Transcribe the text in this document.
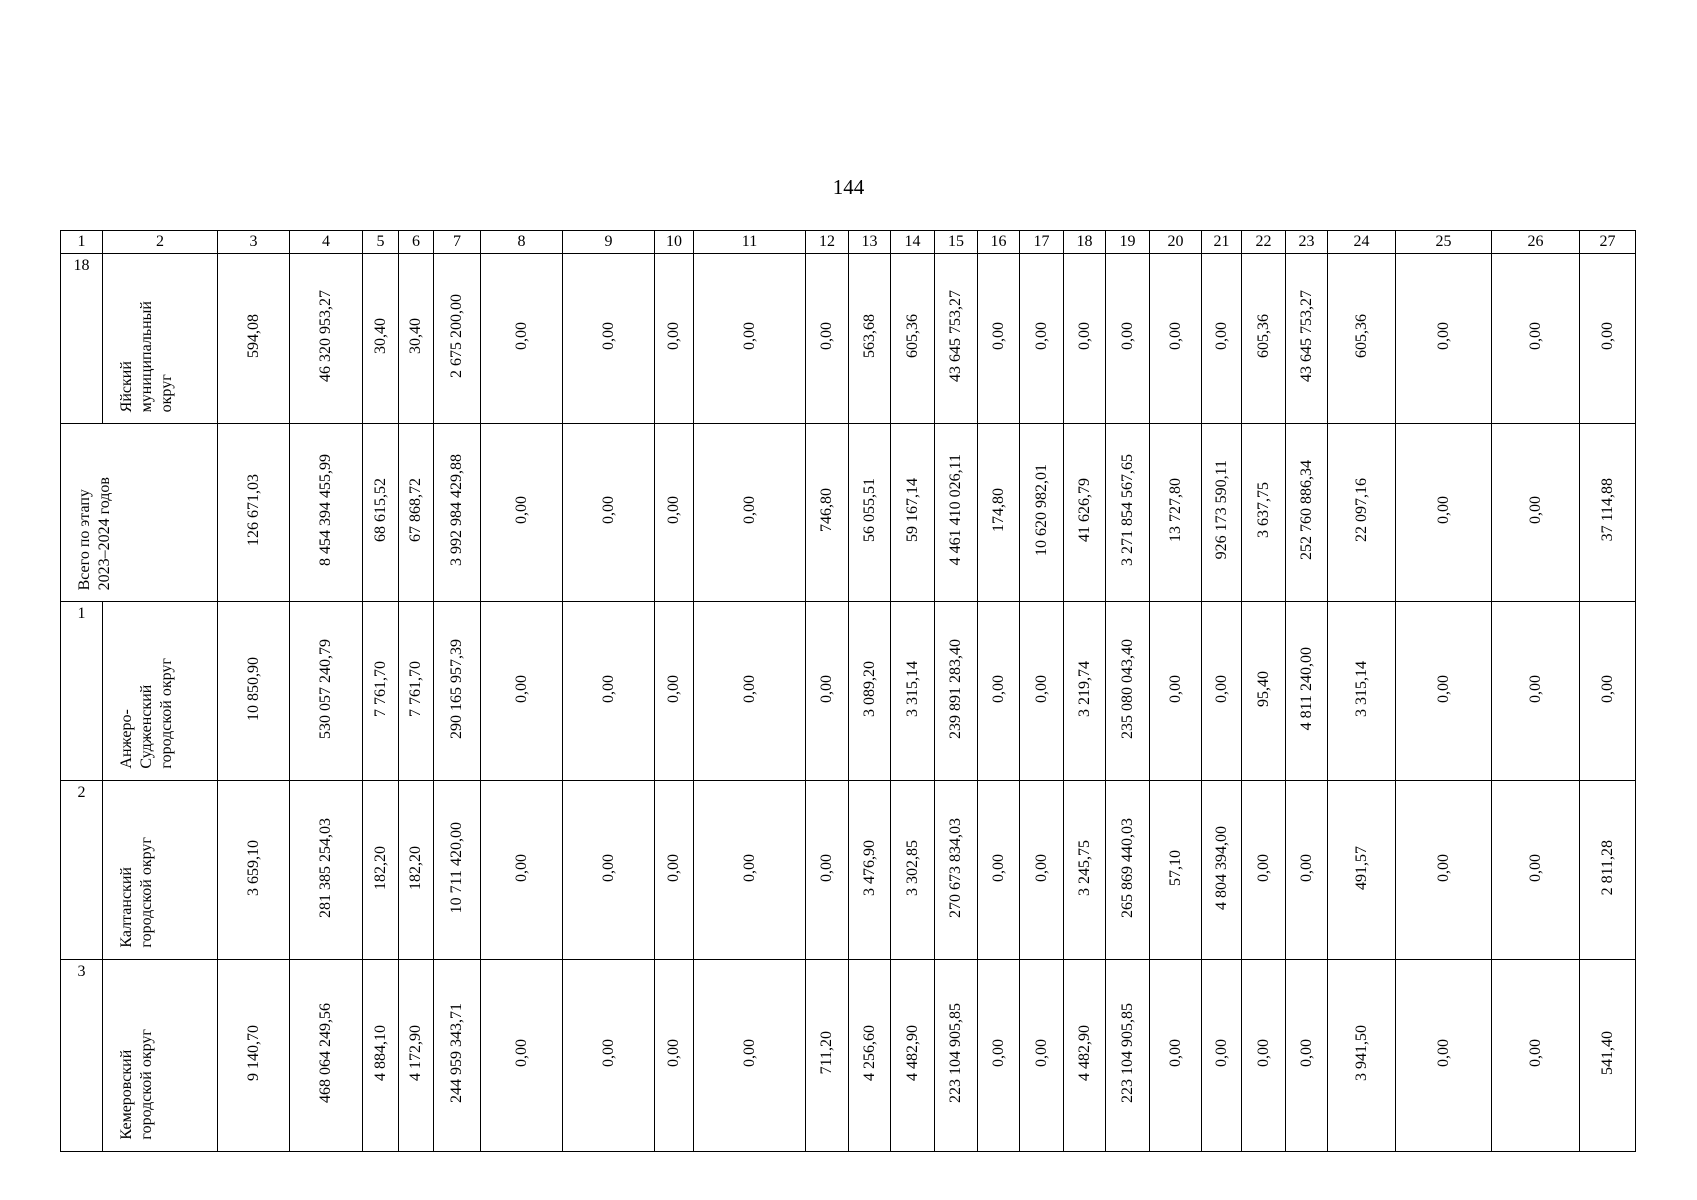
144
1	2	3	4	5	6	7	8	9	10	11	12	13	14	15	16	17	18	19	20	21	22	23	24	25	26	27
18	Яйский муниципальный округ	594,08	46 320 953,27	30,40	30,40	2 675 200,00	0,00	0,00	0,00	0,00	0,00	563,68	605,36	43 645 753,27	0,00	0,00	0,00	0,00	0,00	0,00	605,36	43 645 753,27	605,36	0,00	0,00	0,00

Всего по этапу 2023–2024 годов		126 671,03	8 454 394 455,99	68 615,52	67 868,72	3 992 984 429,88	0,00	0,00	0,00	0,00	746,80	56 055,51	59 167,14	4 461 410 026,11	174,80	10 620 982,01	41 626,79	3 271 854 567,65	13 727,80	926 173 590,11	3 637,75	252 760 886,34	22 097,16	0,00	0,00	37 114,88
1	Анжеро- Судженский городской округ	10 850,90	530 057 240,79	7 761,70	7 761,70	290 165 957,39	0,00	0,00	0,00	0,00	0,00	3 089,20	3 315,14	239 891 283,40	0,00	0,00	3 219,74	235 080 043,40	0,00	0,00	95,40	4 811 240,00	3 315,14	0,00	0,00	0,00
2	Калтанский городской округ	3 659,10	281 385 254,03	182,20	182,20	10 711 420,00	0,00	0,00	0,00	0,00	0,00	3 476,90	3 302,85	270 673 834,03	0,00	0,00	3 245,75	265 869 440,03	57,10	4 804 394,00	0,00	0,00	491,57	0,00	0,00	2 811,28
3	Кемеровский городской округ	9 140,70	468 064 249,56	4 884,10	4 172,90	244 959 343,71	0,00	0,00	0,00	0,00	711,20	4 256,60	4 482,90	223 104 905,85	0,00	0,00	4 482,90	223 104 905,85	0,00	0,00	0,00	0,00	3 941,50	0,00	0,00	541,40
